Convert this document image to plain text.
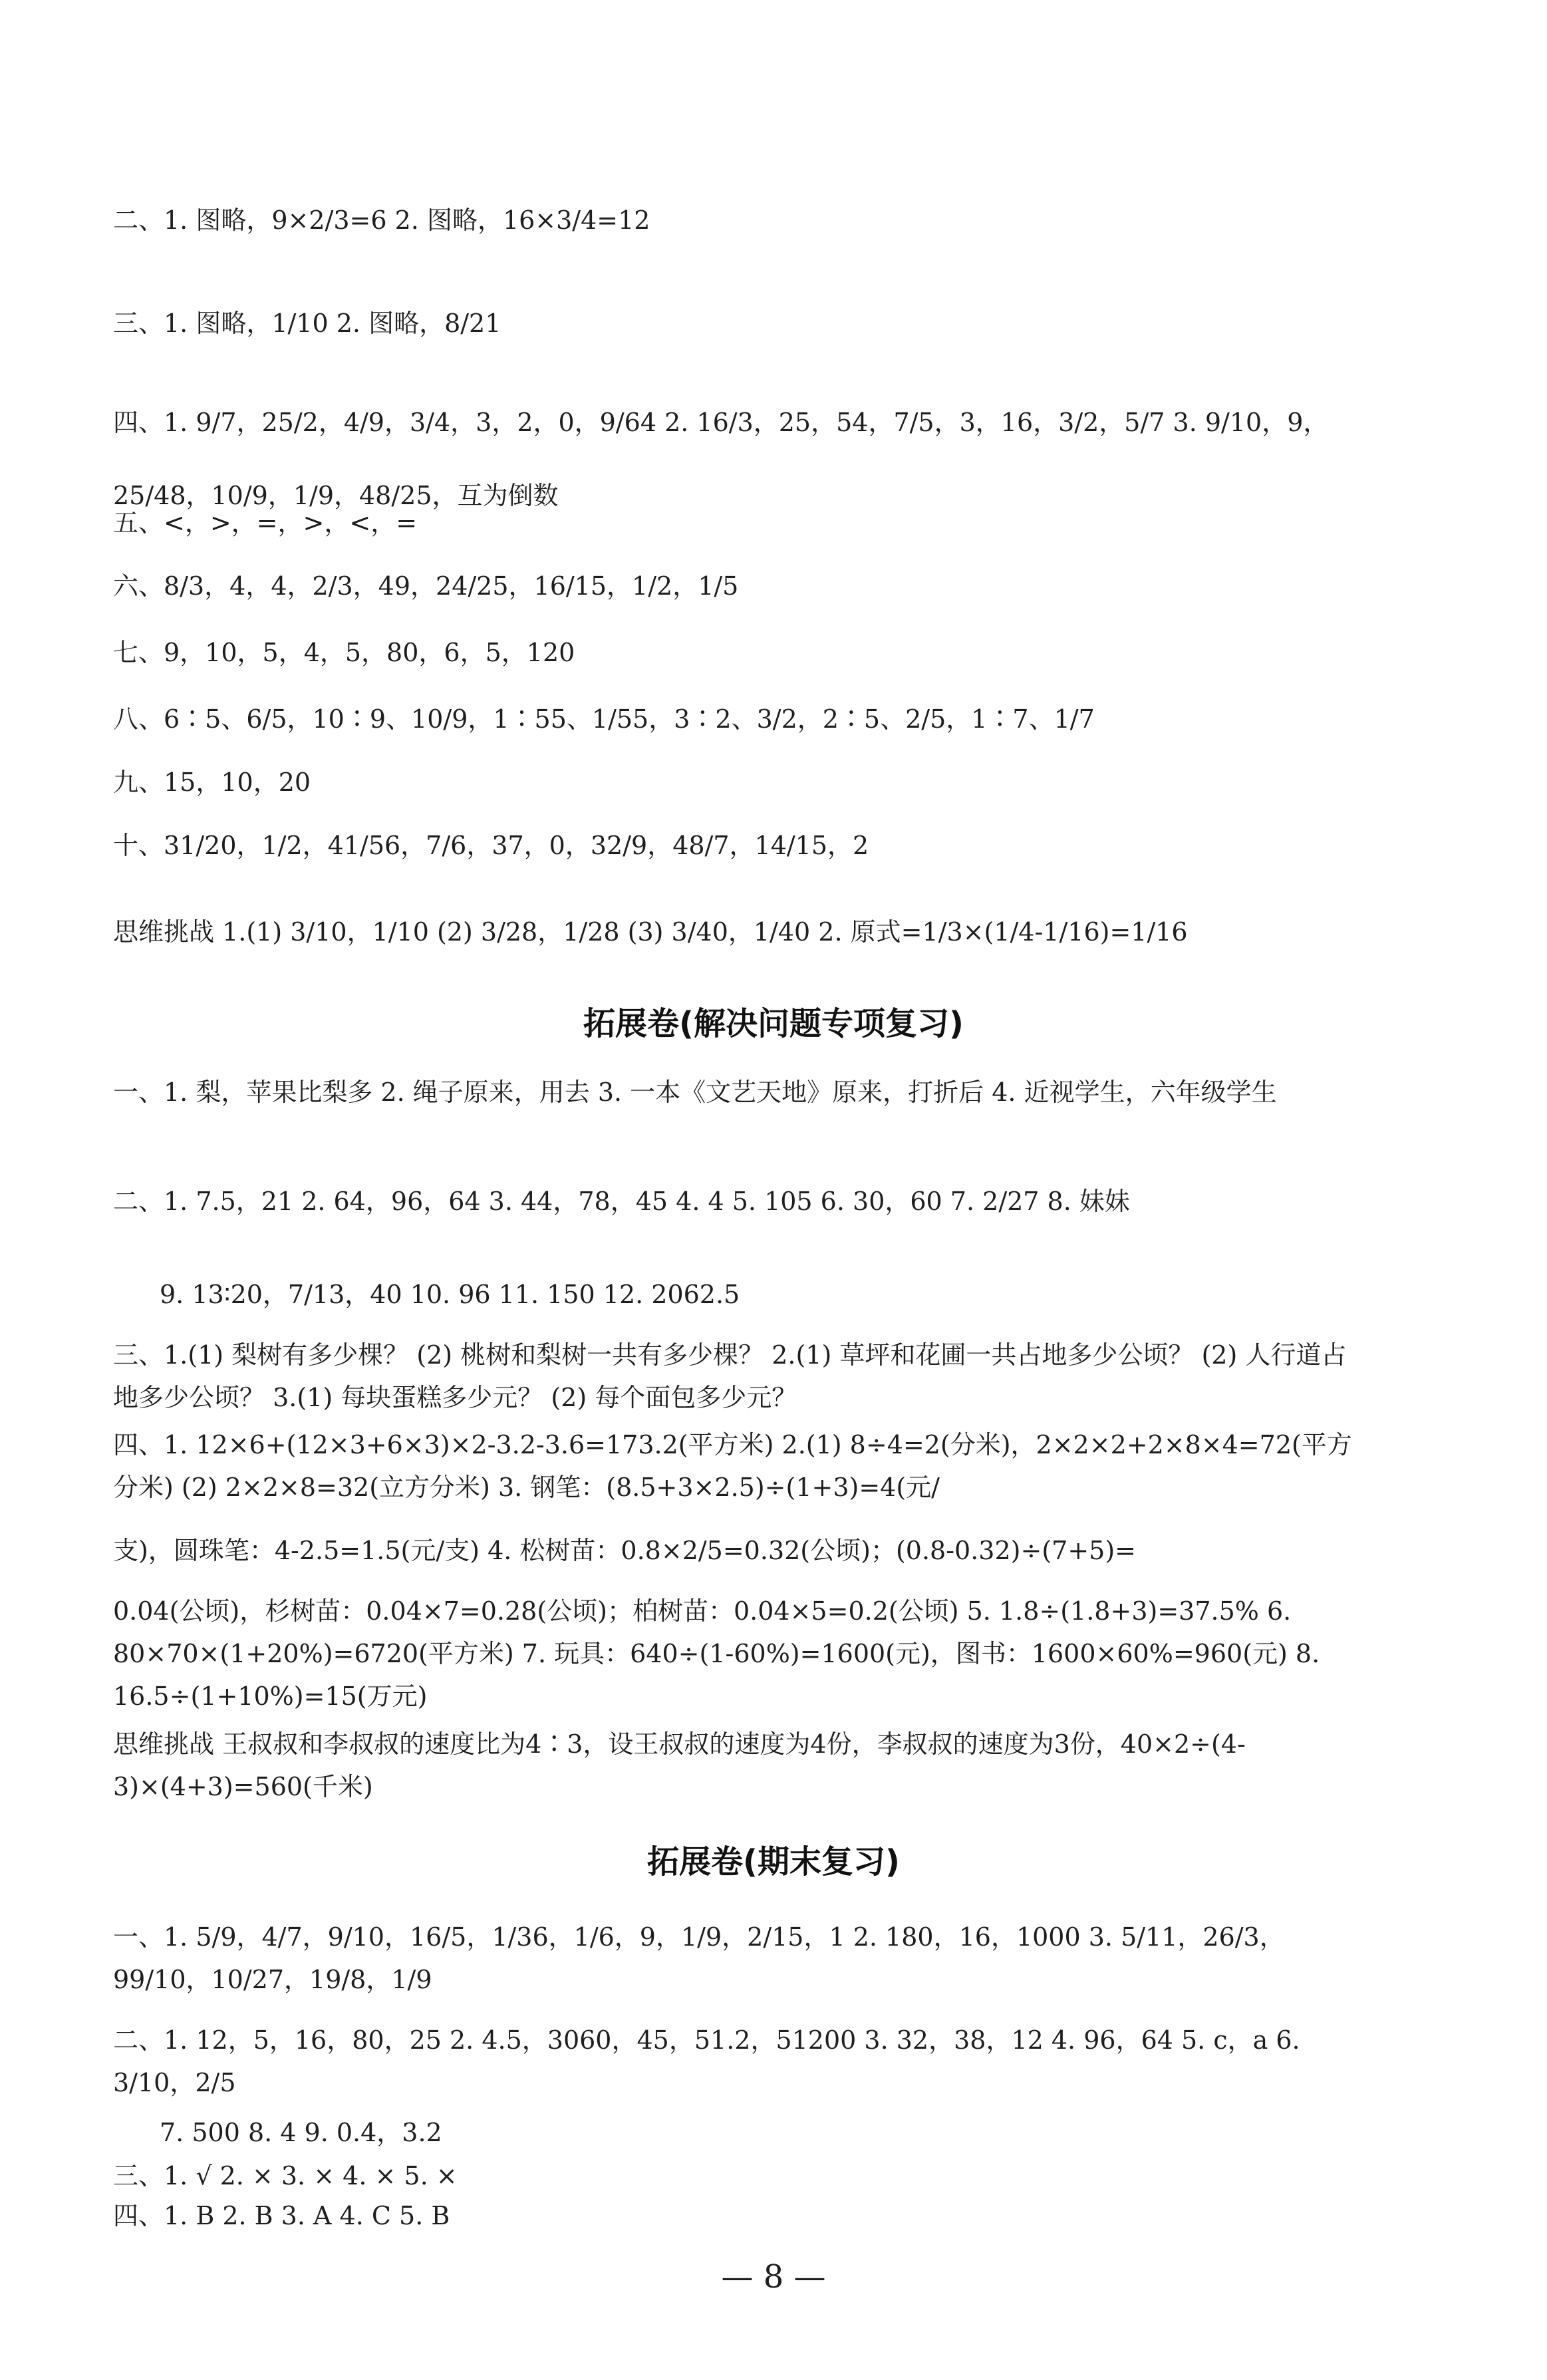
二、1. 图略，9×2/3=6 2. 图略，16×3/4=12
三、1. 图略，1/10 2. 图略，8/21
四、1. 9/7，25/2，4/9，3/4，3，2，0，9/64 2. 16/3，25，54，7/5，3，16，3/2，5/7 3. 9/10，9，25/48，10/9，1/9，48/25，互为倒数
五、<，>，=，>，<，=
六、8/3，4，4，2/3，49，24/25，16/15，1/2，1/5
七、9，10，5，4，5，80，6，5，120
八、6∶5、6/5，10∶9、10/9，1∶55、1/55，3∶2、3/2，2∶5、2/5，1∶7、1/7
九、15，10，20
十、31/20，1/2，41/56，7/6，37，0，32/9，48/7，14/15，2
思维挑战 1.(1) 3/10，1/10 (2) 3/28，1/28 (3) 3/40，1/40 2. 原式=1/3×(1/4-1/16)=1/16
拓展卷(解决问题专项复习)
一、1. 梨，苹果比梨多 2. 绳子原来，用去 3. 一本《文艺天地》原来，打折后 4. 近视学生，六年级学生
二、1. 7.5，21 2. 64，96，64 3. 44，78，45 4. 4 5. 105 6. 30，60 7. 2/27 8. 妹妹
9. 13∶20，7/13，40 10. 96 11. 150 12. 2062.5
三、1.(1) 梨树有多少棵？ (2) 桃树和梨树一共有多少棵？ 2.(1) 草坪和花圃一共占地多少公顷？ (2) 人行道占地多少公顷？ 3.(1) 每块蛋糕多少元？ (2) 每个面包多少元？
四、1. 12×6+(12×3+6×3)×2-3.2-3.6=173.2(平方米) 2.(1) 8÷4=2(分米)，2×2×2+2×8×4=72(平方分米) (2) 2×2×8=32(立方分米) 3. 钢笔：(8.5+3×2.5)÷(1+3)=4(元/
支)，圆珠笔：4-2.5=1.5(元/支) 4. 松树苗：0.8×2/5=0.32(公顷)；(0.8-0.32)÷(7+5)=
0.04(公顷)，杉树苗：0.04×7=0.28(公顷)；柏树苗：0.04×5=0.2(公顷) 5. 1.8÷(1.8+3)=37.5% 6. 80×70×(1+20%)=6720(平方米) 7. 玩具：640÷(1-60%)=1600(元)，图书：1600×60%=960(元) 8. 16.5÷(1+10%)=15(万元)
思维挑战 王叔叔和李叔叔的速度比为4∶3，设王叔叔的速度为4份，李叔叔的速度为3份，40×2÷(4-3)×(4+3)=560(千米)
拓展卷(期末复习)
一、1. 5/9，4/7，9/10，16/5，1/36，1/6，9，1/9，2/15，1 2. 180，16，1000 3. 5/11，26/3，99/10，10/27，19/8，1/9
二、1. 12，5，16，80，25 2. 4.5，3060，45，51.2，51200 3. 32，38，12 4. 96，64 5. c，a 6. 3/10，2/5
7. 500 8. 4 9. 0.4，3.2
三、1. √ 2. × 3. × 4. × 5. ×
四、1. B 2. B 3. A 4. C 5. B
— 8 —
